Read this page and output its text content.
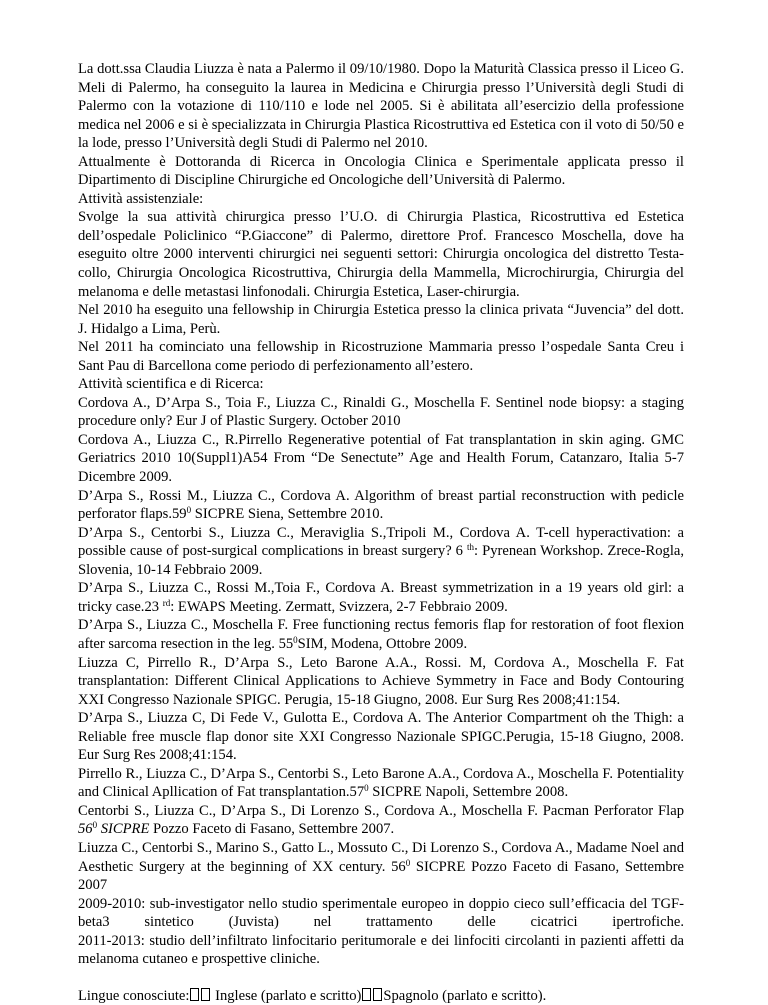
La dott.ssa Claudia Liuzza è nata a Palermo il 09/10/1980. Dopo la Maturità Classica presso il Liceo G. Meli di Palermo, ha conseguito la laurea in Medicina e Chirurgia presso l’Università degli Studi di Palermo con la votazione di 110/110 e lode nel 2005. Si è abilitata all’esercizio della professione medica nel 2006 e si è specializzata in Chirurgia Plastica Ricostruttiva ed Estetica con il voto di 50/50 e la lode, presso l’Università degli Studi di Palermo nel 2010.

Attualmente è Dottoranda di Ricerca in Oncologia Clinica e Sperimentale applicata presso il Dipartimento di Discipline Chirurgiche ed Oncologiche dell’Università di Palermo.

Attività assistenziale:

Svolge la sua attività chirurgica presso l’U.O. di Chirurgia Plastica, Ricostruttiva ed Estetica dell’ospedale Policlinico “P.Giaccone” di Palermo, direttore Prof. Francesco Moschella, dove ha eseguito oltre 2000 interventi chirurgici nei seguenti settori: Chirurgia oncologica del distretto Testa-collo, Chirurgia Oncologica Ricostruttiva, Chirurgia della Mammella, Microchirurgia, Chirurgia del melanoma e delle metastasi linfonodali. Chirurgia Estetica, Laser-chirurgia.

Nel 2010 ha eseguito una fellowship in Chirurgia Estetica presso la clinica privata “Juvencia” del dott. J. Hidalgo a Lima, Perù.

Nel 2011 ha cominciato una fellowship in Ricostruzione Mammaria presso l’ospedale Santa Creu i Sant Pau di Barcellona come periodo di perfezionamento all’estero.

Attività scientifica e di Ricerca:

Cordova A., D’Arpa S., Toia F., Liuzza C., Rinaldi G., Moschella F. Sentinel node biopsy: a staging procedure only? Eur J of Plastic Surgery. October 2010

Cordova A., Liuzza C., R.Pirrello Regenerative potential of Fat transplantation in skin aging. GMC Geriatrics 2010 10(Suppl1)A54 From “De Senectute” Age and Health Forum, Catanzaro, Italia 5-7 Dicembre 2009.

D’Arpa S., Rossi M., Liuzza C., Cordova A. Algorithm of breast partial reconstruction with pedicle perforator $flaps.59^0$ SICPRE Siena, Settembre 2010.

D’Arpa S., Centorbi S., Liuzza C., Meraviglia S.,Tripoli M., Cordova A. T-cell hyperactivation: a possible cause of post-surgical complications in breast surgery? 6 $^{th}$: Pyrenean Workshop. Zrece-Rogla, Slovenia, 10-14 Febbraio 2009.

D’Arpa S., Liuzza C., Rossi M.,Toia F., Cordova A. Breast symmetrization in a 19 years old girl: a tricky case.23 $^{rd}$: EWAPS Meeting. Zermatt, Svizzera, 2-7 Febbraio 2009.

D’Arpa S., Liuzza C., Moschella F. Free functioning rectus femoris flap for restoration of foot flexion after sarcoma resection in the leg. $55^0SIM$, Modena, Ottobre 2009.

Liuzza C, Pirrello R., D’Arpa S., Leto Barone A.A., Rossi. M, Cordova A., Moschella F. Fat transplantation: Different Clinical Applications to Achieve Symmetry in Face and Body Contouring XXI Congresso Nazionale SPIGC. Perugia, 15-18 Giugno, 2008. Eur Surg Res 2008;41:154.

D’Arpa S., Liuzza C, Di Fede V., Gulotta E., Cordova A. The Anterior Compartment oh the Thigh: a Reliable free muscle flap donor site XXI Congresso Nazionale SPIGC.Perugia, 15-18 Giugno, 2008. Eur Surg Res 2008;41:154.

Pirrello R., Liuzza C., D’Arpa S., Centorbi S., Leto Barone A.A., Cordova A., Moschella F. Potentiality and Clinical Apllication of Fat $transplantation.57^0$ SICPRE Napoli, Settembre 2008.

Centorbi S., Liuzza C., D’Arpa S., Di Lorenzo S., Cordova A., Moschella F. Pacman Perforator Flap $56^0$ SICPRE Pozzo Faceto di Fasano, Settembre 2007.

Liuzza C., Centorbi S., Marino S., Gatto L., Mossuto C., Di Lorenzo S., Cordova A., Madame Noel and Aesthetic Surgery at the beginning of XX century. $56^0$ SICPRE Pozzo Faceto di Fasano, Settembre 2007

2009-2010: sub-investigator nello studio sperimentale europeo in doppio cieco sull’efficacia del TGF-beta3 sintetico (Juvista) nel trattamento delle cicatrici ipertrofiche.

2011-2013: studio dell’infiltrato linfocitario peritumorale e dei linfociti circolanti in pazienti affetti da melanoma cutaneo e prospettive cliniche.

Lingue conosciute: Inglese (parlato e scritto) Spagnolo (parlato e scritto).
